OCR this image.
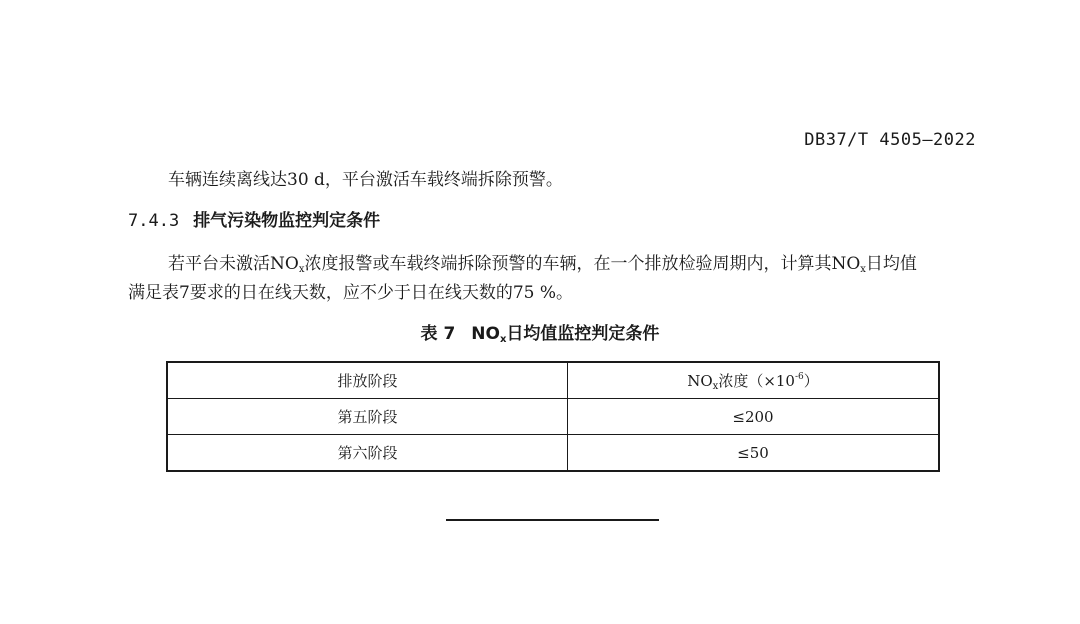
DB37/T 4505—2022
车辆连续离线达30 d，平台激活车载终端拆除预警。
7.4.3 排气污染物监控判定条件
若平台未激活$NO_x$浓度报警或车载终端拆除预警的车辆，在一个排放检验周期内，计算其$NO_x$日均值
满足表7要求的日在线天数，应不少于日在线天数的75 %。
表 7 $NO_x$日均值监控判定条件
排放阶段	$NO_x$浓度$(\times 10^{-6})$
第五阶段	≤200
第六阶段	≤50
